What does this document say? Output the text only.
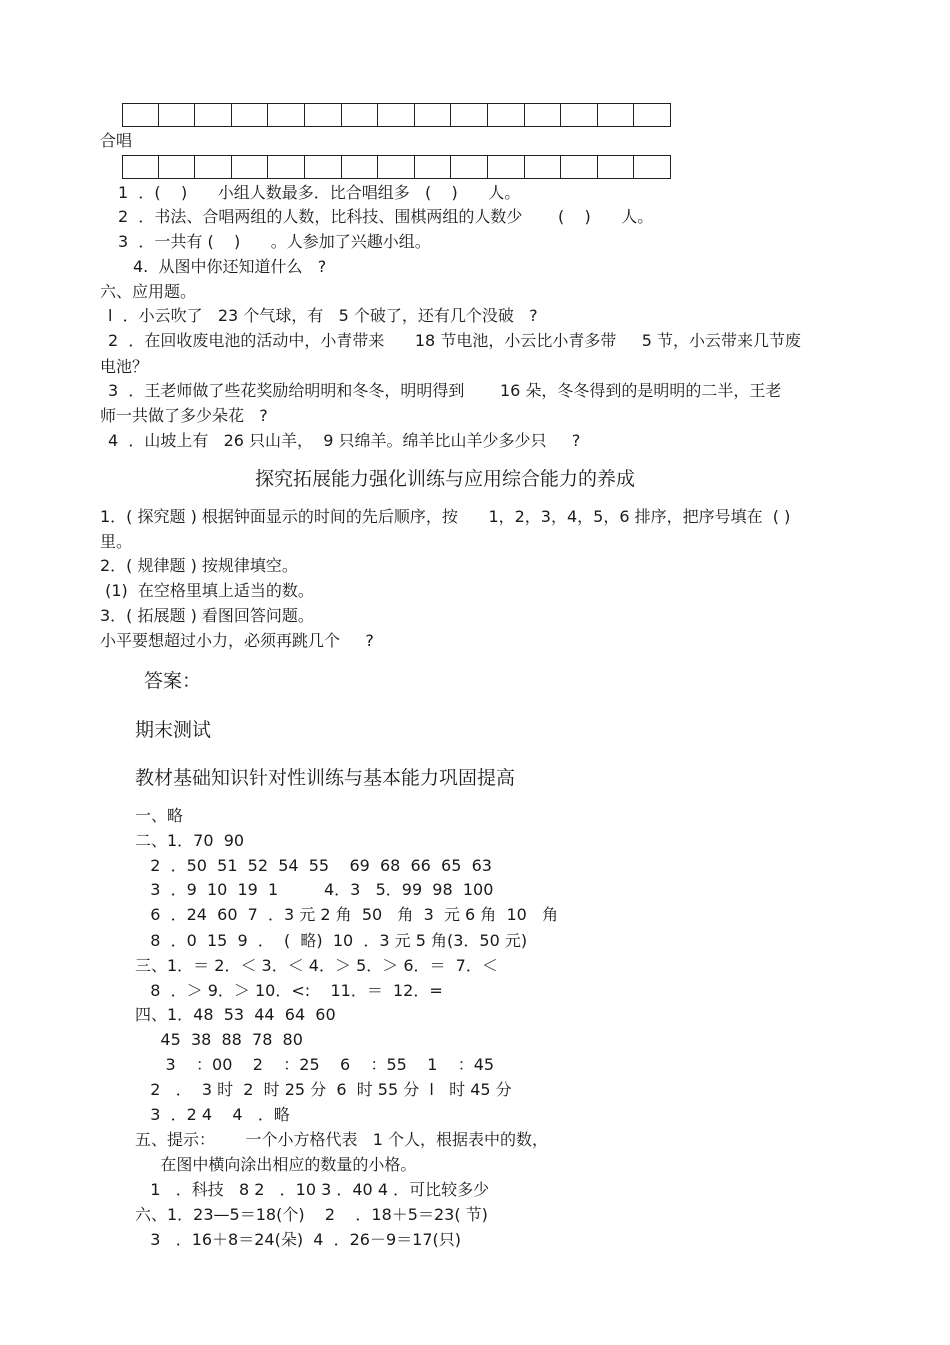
合唱
1  ．(    )      小组人数最多．比合唱组多   (    )      人。
2  ．书法、合唱两组的人数，比科技、围棋两组的人数少       (    )      人。
3  ．一共有 (    )      。人参加了兴趣小组。
4.  从图中你还知道什么   ?
六、应用题。
l  ．小云吹了   23 个气球，有   5 个破了，还有几个没破   ?
2  ．在回收废电池的活动中，小青带来      18 节电池，小云比小青多带     5 节，小云带来几节废
电池？
3  ．王老师做了些花奖励给明明和冬冬，明明得到       16 朵，冬冬得到的是明明的二半，王老
师一共做了多少朵花   ?
4  ．山坡上有   26 只山羊，  9 只绵羊。绵羊比山羊少多少只     ?
探究拓展能力强化训练与应用综合能力的养成
1．( 探究题 ) 根据钟面显示的时间的先后顺序，按      1，2，3，4，5，6 排序，把序号填在  ( )
里。
2．( 规律题 ) 按规律填空。
(1)  在空格里填上适当的数。
3．( 拓展题 ) 看图回答问题。
小平要想超过小力，必须再跳几个     ?
答案：
期末测试
教材基础知识针对性训练与基本能力巩固提高
一、略
二、1．70  90
2  ．50  51  52  54  55    69  68  66  65  63
3  ．9  10  19  1         4．3   5．99  98  100
6  ．24  60  7  ．3 元 2 角  50   角  3  元 6 角  10   角
8  ．0  15  9  ．  (  略)  10  ．3 元 5 角(3．50 元)
三、1．＝ 2．＜ 3．＜ 4．＞ 5．＞ 6．＝  7．＜
8  ．＞ 9．＞ 10．<:    11．＝  12．=
四、1．48  53  44  64  60
45  38  88  78  80
3    ：00    2    ：25    6    ：55    1    ：45
2   ．  3 时  2  时 25 分  6  时 55 分  l   时 45 分
3  ．2 4    4   ．略
五、提示：      一个小方格代表   1 个人，根据表中的数，
在图中横向涂出相应的数量的小格。
1   ．科技   8 2   ．10 3 ．40 4 ．可比较多少
六、1．23—5＝18(个)    2    ．18＋5＝23( 节)
3   ．16＋8＝24(朵)  4  ．26－9＝17(只)
